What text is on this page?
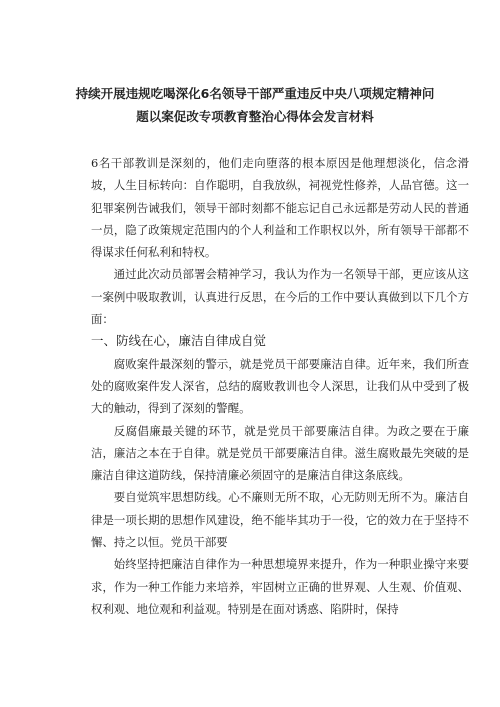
持续开展违规吃喝深化6名领导干部严重违反中央八项规定精神问题以案促改专项教育整治心得体会发言材料

6名干部教训是深刻的，他们走向堕落的根本原因是他理想淡化，信念滑坡，人生目标转向：自作聪明，自我放纵，祠视党性修养，人品官德。这一犯罪案例告诫我们，领导干部时刻都不能忘记自己永远都是劳动人民的普通一员，隐了政策规定范围内的个人利益和工作职权以外，所有领导干部都不得谋求任何私利和特权。

通过此次动员部署会精神学习，我认为作为一名领导干部，更应该从这一案例中吸取教训，认真进行反思，在今后的工作中要认真做到以下几个方面：

一、防线在心，廉洁自律成自觉

腐败案件最深刻的警示，就是党员干部要廉洁自律。近年来，我们所查处的腐败案件发人深省，总结的腐败教训也令人深思，让我们从中受到了极大的触动，得到了深刻的警醒。

反腐倡廉最关键的环节，就是党员干部要廉洁自律。为政之要在于廉洁，廉洁之本在于自律。就是党员干部要廉洁自律。滋生腐败最先突破的是廉洁自律这道防线，保持清廉必须固守的是廉洁自律这条底线。

要自觉筑牢思想防线。心不廉则无所不取，心无防则无所不为。廉洁自律是一项长期的思想作风建设，绝不能毕其功于一役，它的效力在于坚持不懈、持之以恒。党员干部要

始终坚持把廉洁自律作为一种思想境界来提升，作为一种职业操守来要求，作为一种工作能力来培养，牢固树立正确的世界观、人生观、价值观、权利观、地位观和利益观。特别是在面对诱惑、陷阱时，保持
